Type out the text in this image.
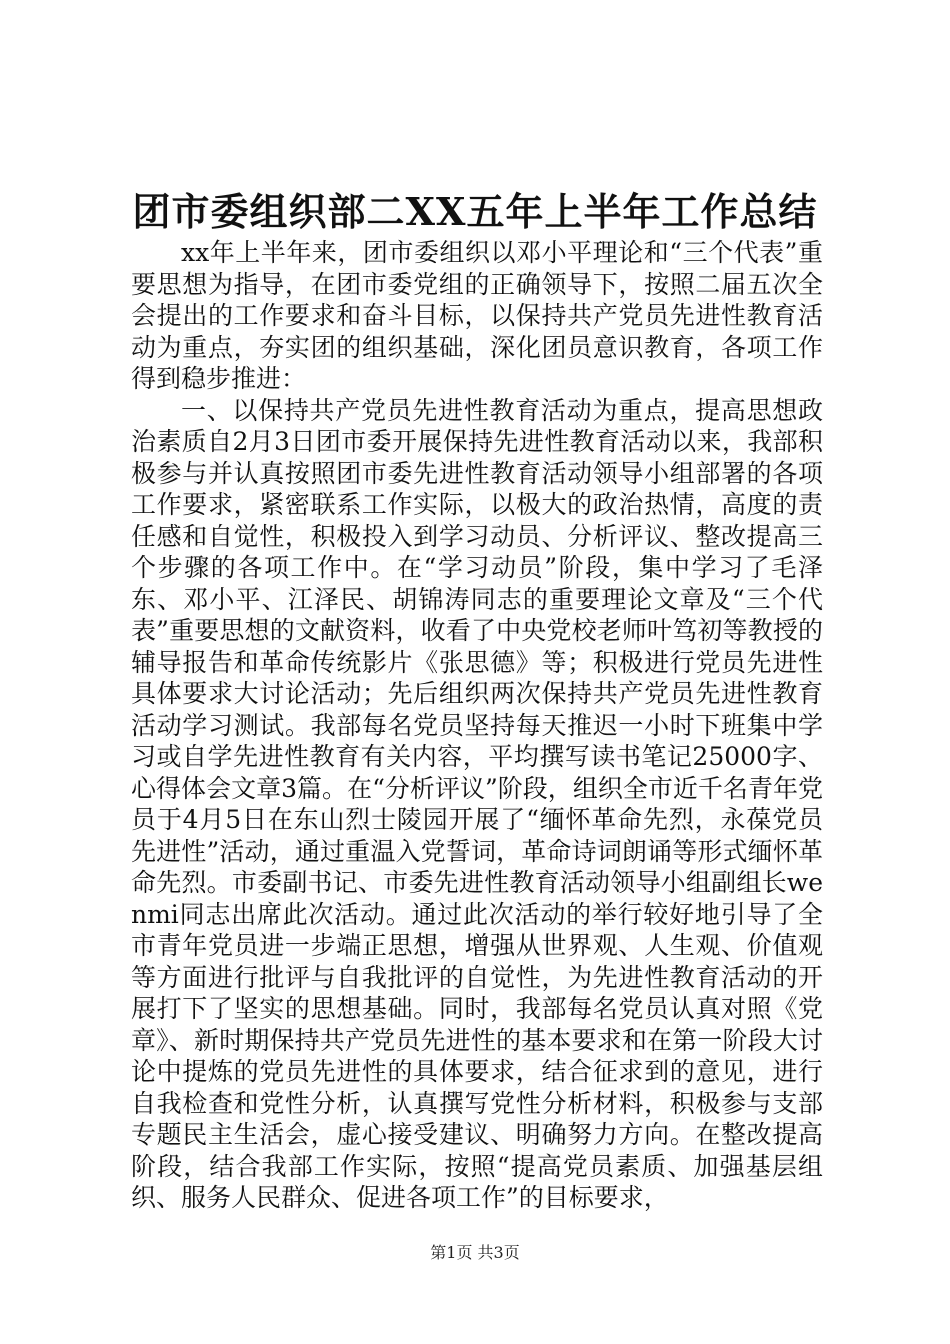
团市委组织部二XX五年上半年工作总结

xx年上半年来，团市委组织以邓小平理论和“三个代表”重要思想为指导，在团市委党组的正确领导下，按照二届五次全会提出的工作要求和奋斗目标，以保持共产党员先进性教育活动为重点，夯实团的组织基础，深化团员意识教育，各项工作得到稳步推进：

一、以保持共产党员先进性教育活动为重点，提高思想政治素质自2月3日团市委开展保持先进性教育活动以来，我部积极参与并认真按照团市委先进性教育活动领导小组部署的各项工作要求，紧密联系工作实际，以极大的政治热情，高度的责任感和自觉性，积极投入到学习动员、分析评议、整改提高三个步骤的各项工作中。在“学习动员”阶段，集中学习了毛泽东、邓小平、江泽民、胡锦涛同志的重要理论文章及“三个代表”重要思想的文献资料，收看了中央党校老师叶笃初等教授的辅导报告和革命传统影片《张思德》等；积极进行党员先进性具体要求大讨论活动；先后组织两次保持共产党员先进性教育活动学习测试。我部每名党员坚持每天推迟一小时下班集中学习或自学先进性教育有关内容，平均撰写读书笔记25000字、心得体会文章3篇。在“分析评议”阶段，组织全市近千名青年党员于4月5日在东山烈士陵园开展了“缅怀革命先烈，永葆党员先进性”活动，通过重温入党誓词，革命诗词朗诵等形式缅怀革命先烈。市委副书记、市委先进性教育活动领导小组副组长wenmi同志出席此次活动。通过此次活动的举行较好地引导了全市青年党员进一步端正思想，增强从世界观、人生观、价值观等方面进行批评与自我批评的自觉性，为先进性教育活动的开展打下了坚实的思想基础。同时，我部每名党员认真对照《党章》、新时期保持共产党员先进性的基本要求和在第一阶段大讨论中提炼的党员先进性的具体要求，结合征求到的意见，进行自我检查和党性分析，认真撰写党性分析材料，积极参与支部专题民主生活会，虚心接受建议、明确努力方向。在整改提高阶段，结合我部工作实际，按照“提高党员素质、加强基层组织、服务人民群众、促进各项工作”的目标要求，

第1页 共3页
